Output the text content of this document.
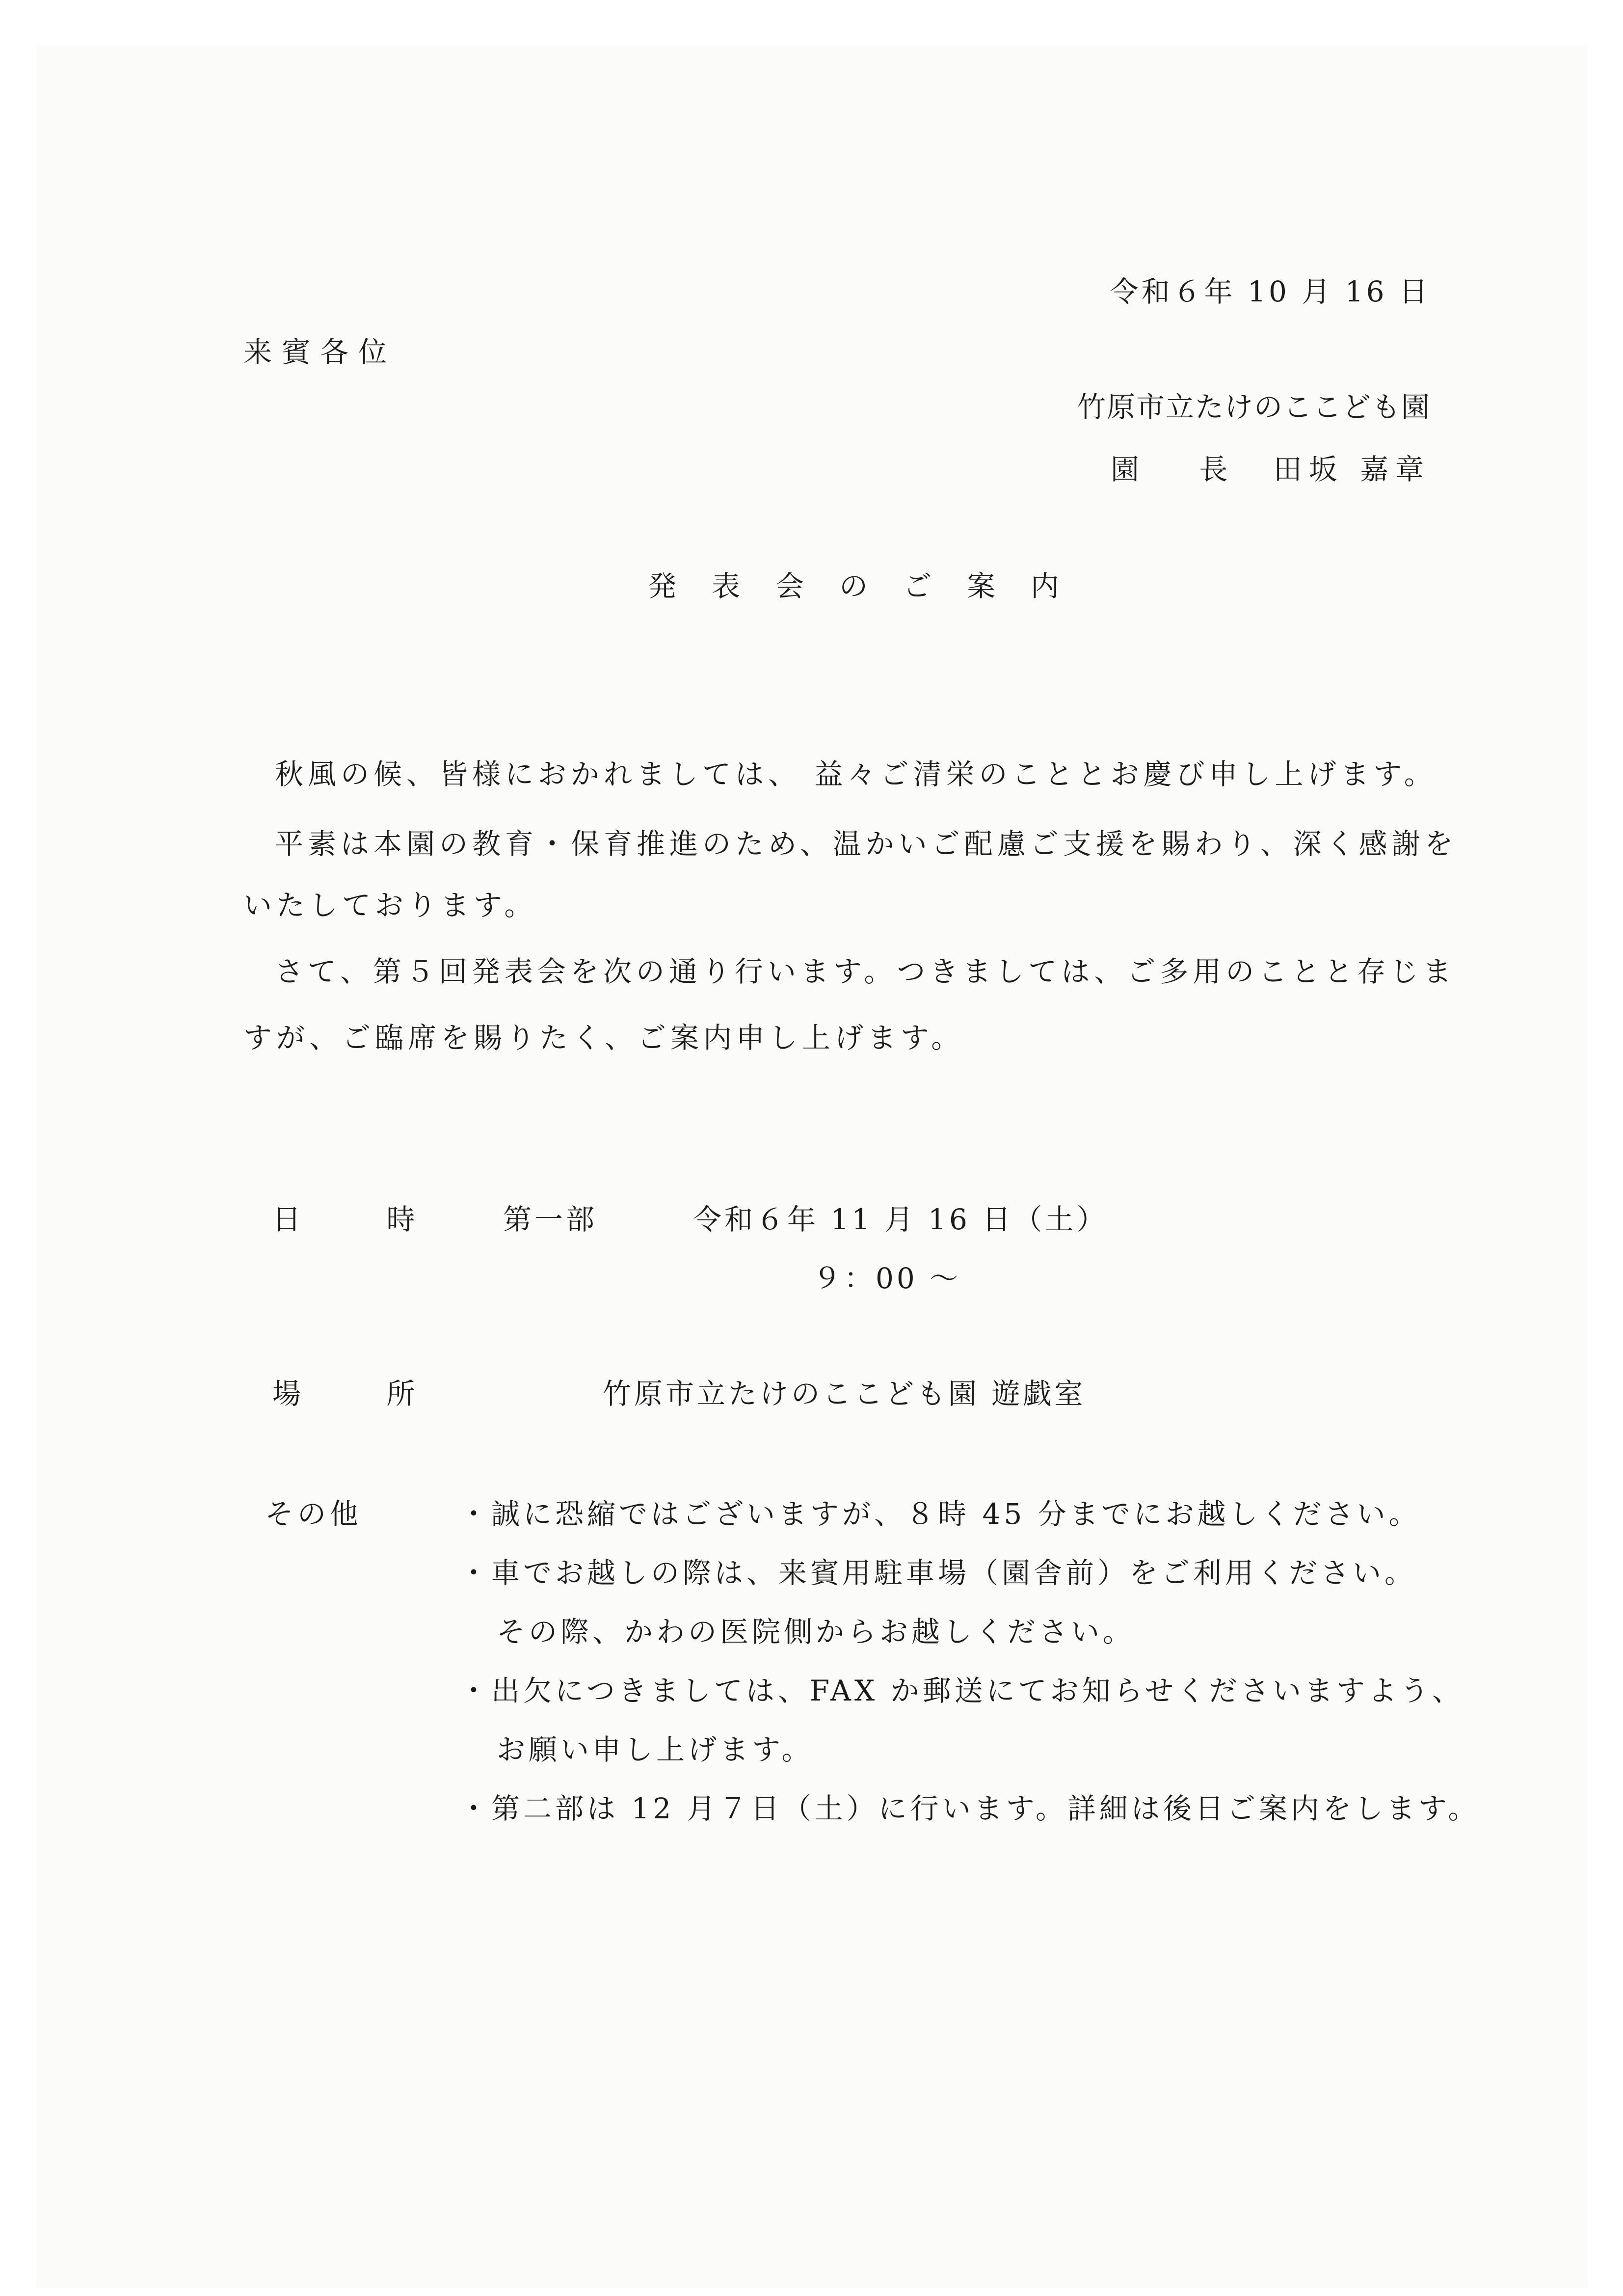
令和６年 10 月 16 日
来賓各位
竹原市立たけのここども園
園 長 田坂 嘉章
発表会のご案内
秋風の候、皆様におかれましては、 益々ご清栄のこととお慶び申し上げます。
平素は本園の教育・保育推進のため、温かいご配慮ご支援を賜わり、深く感謝を
いたしております。
さて、第５回発表会を次の通り行います。つきましては、ご多用のことと存じま
すが、ご臨席を賜りたく、ご案内申し上げます。
日 時 第一部	令和６年 11 月 16 日（土）
９：00 ～
場 所	竹原市立たけのここども園 遊戯室
その他	・誠に恐縮ではございますが、８時 45 分までにお越しください。
・車でお越しの際は、来賓用駐車場（園舎前）をご利用ください。
その際、かわの医院側からお越しください。
・出欠につきましては、FAX か郵送にてお知らせくださいますよう、
お願い申し上げます。
・第二部は 12 月７日（土）に行います。詳細は後日ご案内をします。
